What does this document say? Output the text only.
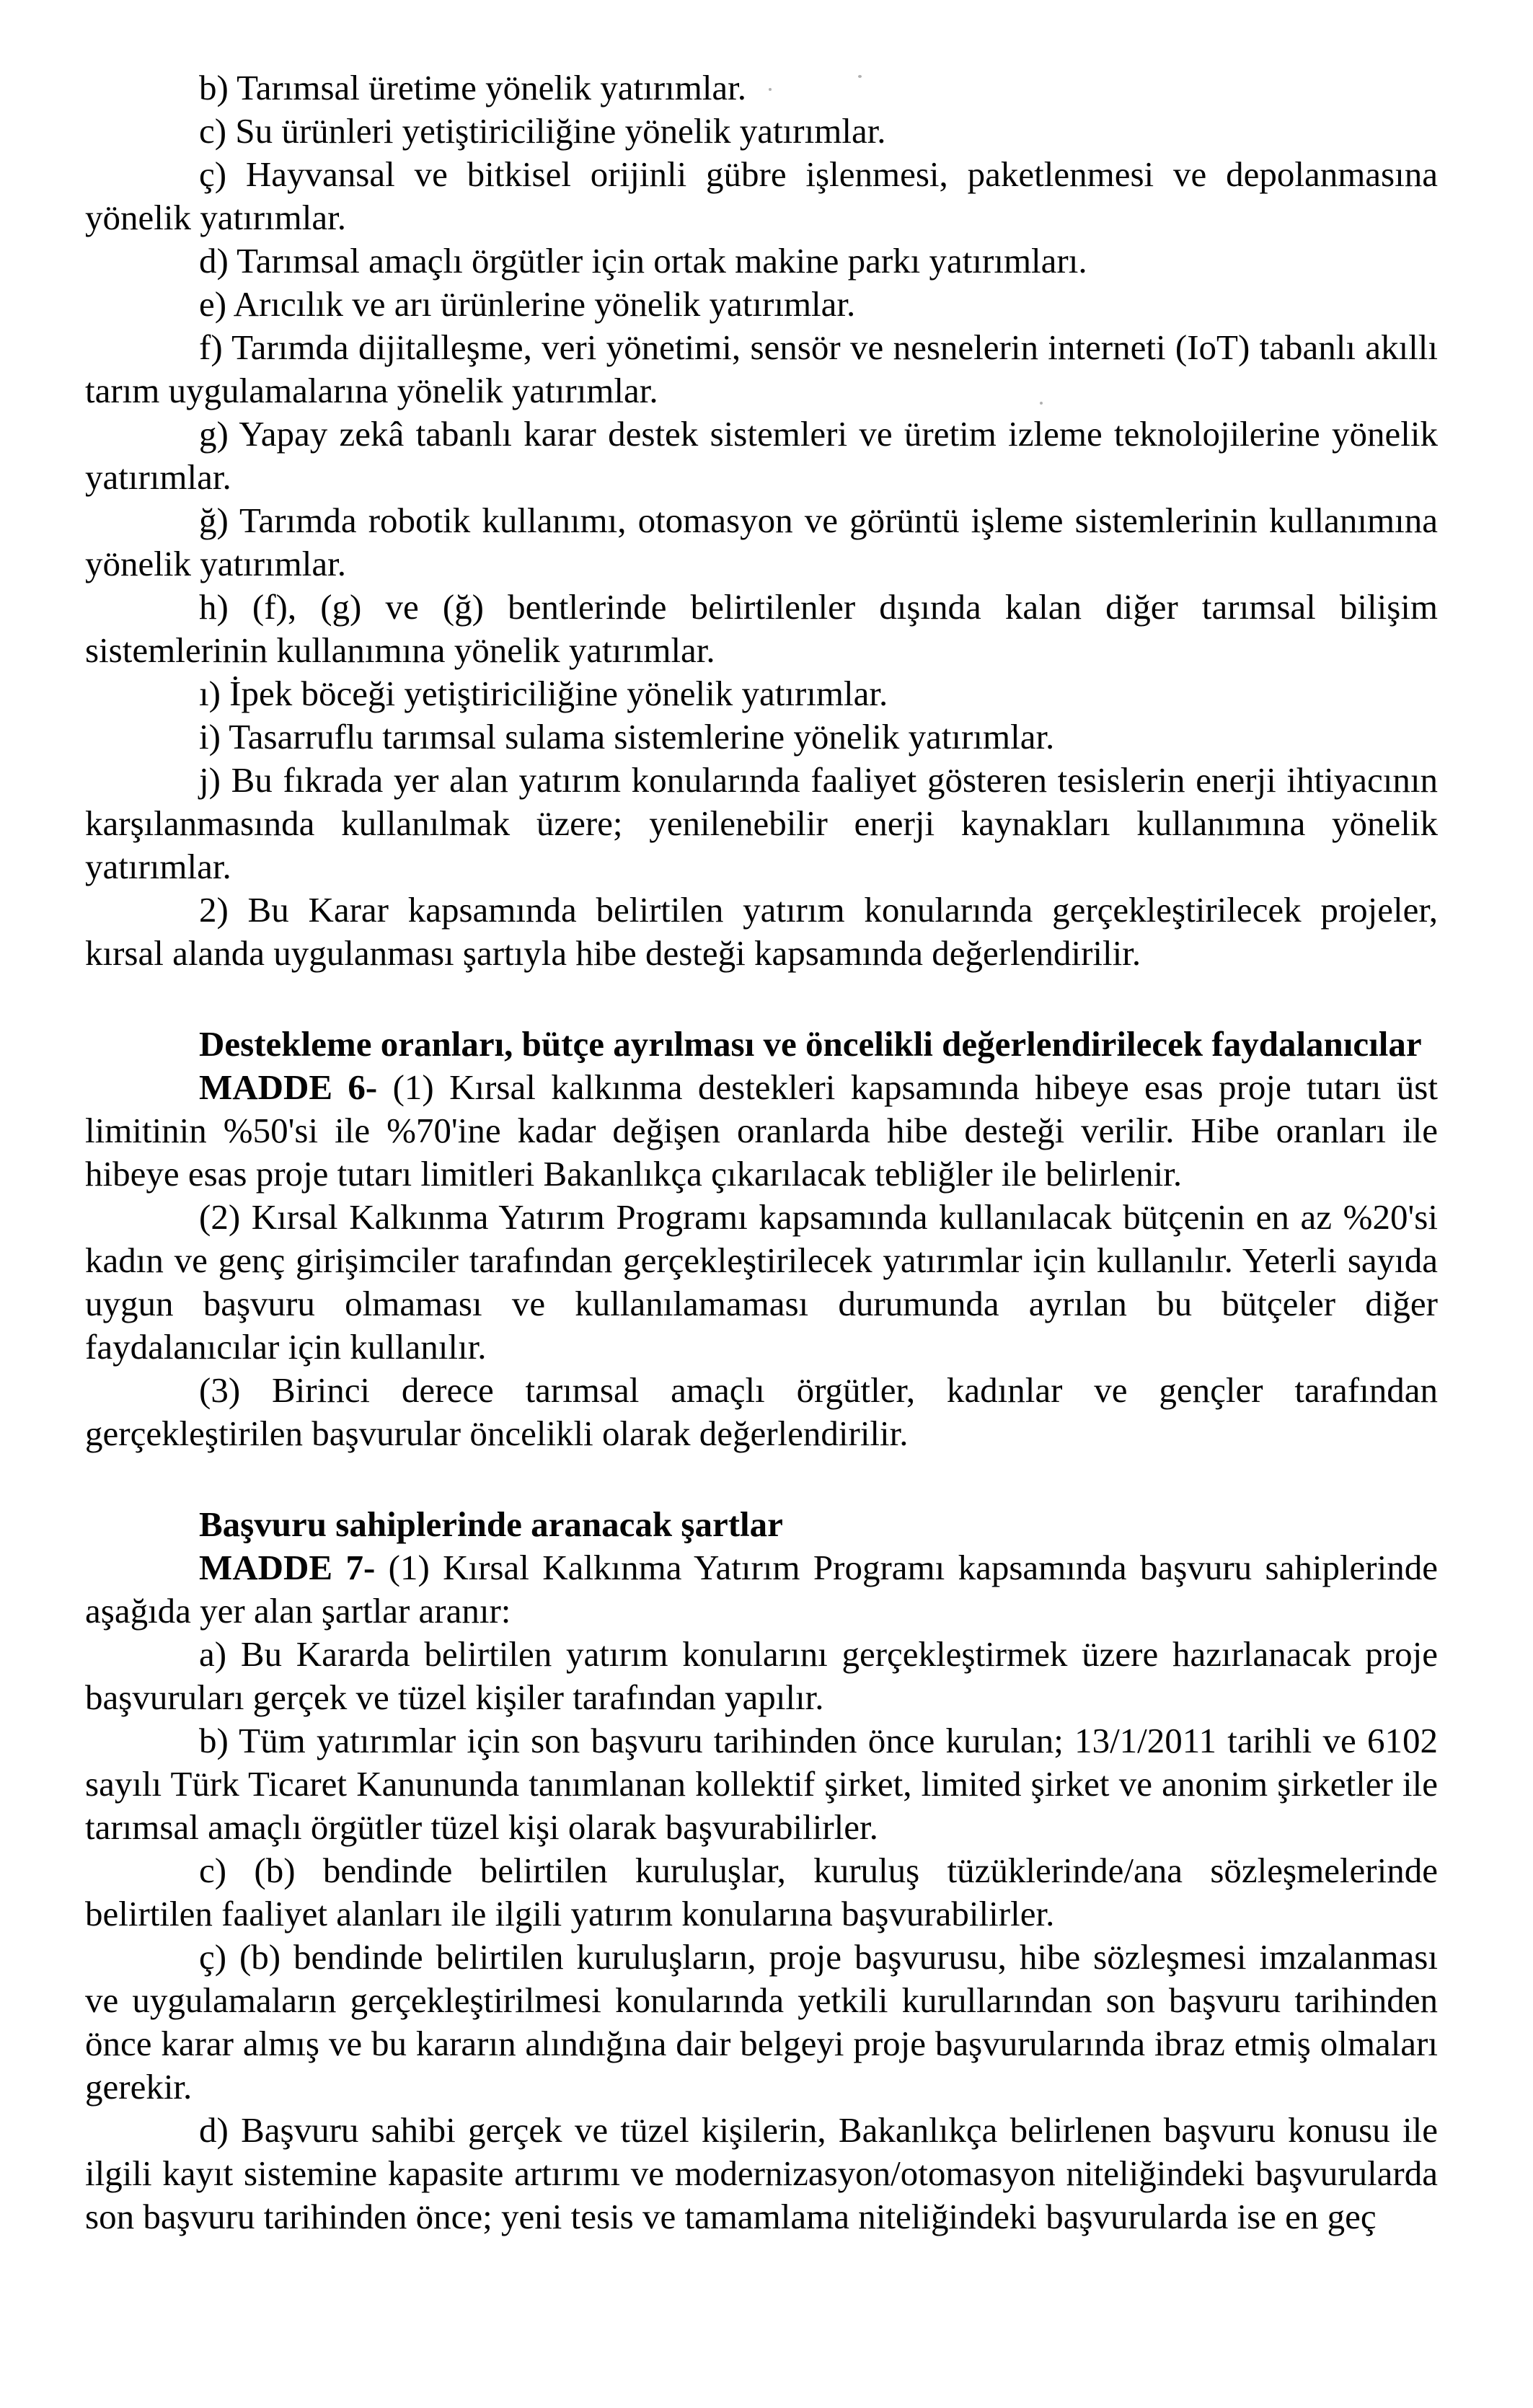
b) Tarımsal üretime yönelik yatırımlar.

c) Su ürünleri yetiştiriciliğine yönelik yatırımlar.

ç) Hayvansal ve bitkisel orijinli gübre işlenmesi, paketlenmesi ve depolanmasına yönelik yatırımlar.

d) Tarımsal amaçlı örgütler için ortak makine parkı yatırımları.

e) Arıcılık ve arı ürünlerine yönelik yatırımlar.

f) Tarımda dijitalleşme, veri yönetimi, sensör ve nesnelerin interneti (IoT) tabanlı akıllı tarım uygulamalarına yönelik yatırımlar.

g) Yapay zekâ tabanlı karar destek sistemleri ve üretim izleme teknolojilerine yönelik yatırımlar.

ğ) Tarımda robotik kullanımı, otomasyon ve görüntü işleme sistemlerinin kullanımına yönelik yatırımlar.

h) (f), (g) ve (ğ) bentlerinde belirtilenler dışında kalan diğer tarımsal bilişim sistemlerinin kullanımına yönelik yatırımlar.

ı) İpek böceği yetiştiriciliğine yönelik yatırımlar.

i) Tasarruflu tarımsal sulama sistemlerine yönelik yatırımlar.

j) Bu fıkrada yer alan yatırım konularında faaliyet gösteren tesislerin enerji ihtiyacının karşılanmasında kullanılmak üzere; yenilenebilir enerji kaynakları kullanımına yönelik yatırımlar.

2) Bu Karar kapsamında belirtilen yatırım konularında gerçekleştirilecek projeler, kırsal alanda uygulanması şartıyla hibe desteği kapsamında değerlendirilir.

Destekleme oranları, bütçe ayrılması ve öncelikli değerlendirilecek faydalanıcılar

MADDE 6- (1) Kırsal kalkınma destekleri kapsamında hibeye esas proje tutarı üst limitinin %50'si ile %70'ine kadar değişen oranlarda hibe desteği verilir. Hibe oranları ile hibeye esas proje tutarı limitleri Bakanlıkça çıkarılacak tebliğler ile belirlenir.

(2) Kırsal Kalkınma Yatırım Programı kapsamında kullanılacak bütçenin en az %20'si kadın ve genç girişimciler tarafından gerçekleştirilecek yatırımlar için kullanılır. Yeterli sayıda uygun başvuru olmaması ve kullanılamaması durumunda ayrılan bu bütçeler diğer faydalanıcılar için kullanılır.

(3) Birinci derece tarımsal amaçlı örgütler, kadınlar ve gençler tarafından gerçekleştirilen başvurular öncelikli olarak değerlendirilir.

Başvuru sahiplerinde aranacak şartlar

MADDE 7- (1) Kırsal Kalkınma Yatırım Programı kapsamında başvuru sahiplerinde aşağıda yer alan şartlar aranır:

a) Bu Kararda belirtilen yatırım konularını gerçekleştirmek üzere hazırlanacak proje başvuruları gerçek ve tüzel kişiler tarafından yapılır.

b) Tüm yatırımlar için son başvuru tarihinden önce kurulan; 13/1/2011 tarihli ve 6102 sayılı Türk Ticaret Kanununda tanımlanan kollektif şirket, limited şirket ve anonim şirketler ile tarımsal amaçlı örgütler tüzel kişi olarak başvurabilirler.

c) (b) bendinde belirtilen kuruluşlar, kuruluş tüzüklerinde/ana sözleşmelerinde belirtilen faaliyet alanları ile ilgili yatırım konularına başvurabilirler.

ç) (b) bendinde belirtilen kuruluşların, proje başvurusu, hibe sözleşmesi imzalanması ve uygulamaların gerçekleştirilmesi konularında yetkili kurullarından son başvuru tarihinden önce karar almış ve bu kararın alındığına dair belgeyi proje başvurularında ibraz etmiş olmaları gerekir.

d) Başvuru sahibi gerçek ve tüzel kişilerin, Bakanlıkça belirlenen başvuru konusu ile ilgili kayıt sistemine kapasite artırımı ve modernizasyon/otomasyon niteliğindeki başvurularda son başvuru tarihinden önce; yeni tesis ve tamamlama niteliğindeki başvurularda ise en geç
